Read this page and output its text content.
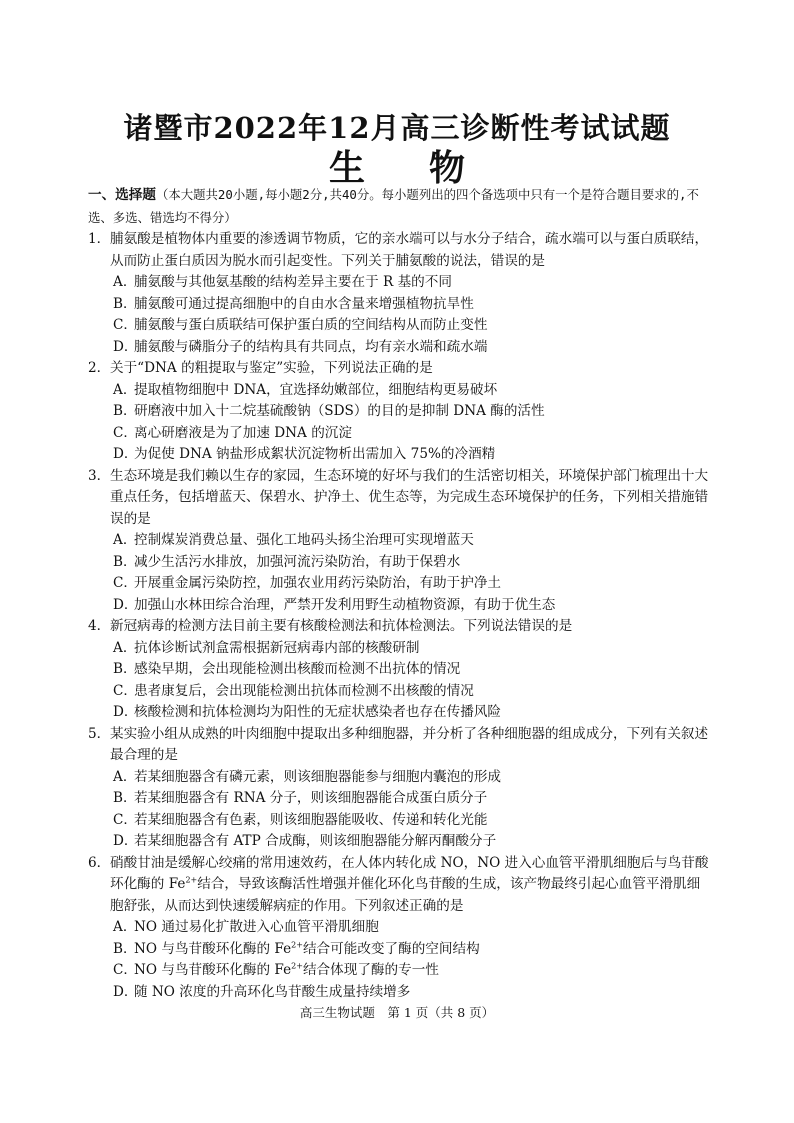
诸暨市2022年12月高三诊断性考试试题
生物
一、选择题（本大题共20小题,每小题2分,共40分。每小题列出的四个备选项中只有一个是符合题目要求的,不选、多选、错选均不得分）
1．脯氨酸是植物体内重要的渗透调节物质，它的亲水端可以与水分子结合，疏水端可以与蛋白质联结，从而防止蛋白质因为脱水而引起变性。下列关于脯氨酸的说法，错误的是
A．脯氨酸与其他氨基酸的结构差异主要在于 R 基的不同
B．脯氨酸可通过提高细胞中的自由水含量来增强植物抗旱性
C．脯氨酸与蛋白质联结可保护蛋白质的空间结构从而防止变性
D．脯氨酸与磷脂分子的结构具有共同点，均有亲水端和疏水端
2．关于“DNA 的粗提取与鉴定”实验，下列说法正确的是
A．提取植物细胞中 DNA，宜选择幼嫩部位，细胞结构更易破坏
B．研磨液中加入十二烷基硫酸钠（SDS）的目的是抑制 DNA 酶的活性
C．离心研磨液是为了加速 DNA 的沉淀
D．为促使 DNA 钠盐形成絮状沉淀物析出需加入 75%的冷酒精
3．生态环境是我们赖以生存的家园，生态环境的好坏与我们的生活密切相关，环境保护部门梳理出十大重点任务，包括增蓝天、保碧水、护净土、优生态等，为完成生态环境保护的任务，下列相关措施错误的是
A．控制煤炭消费总量、强化工地码头扬尘治理可实现增蓝天
B．减少生活污水排放，加强河流污染防治，有助于保碧水
C．开展重金属污染防控，加强农业用药污染防治，有助于护净土
D．加强山水林田综合治理，严禁开发利用野生动植物资源，有助于优生态
4．新冠病毒的检测方法目前主要有核酸检测法和抗体检测法。下列说法错误的是
A．抗体诊断试剂盒需根据新冠病毒内部的核酸研制
B．感染早期，会出现能检测出核酸而检测不出抗体的情况
C．患者康复后，会出现能检测出抗体而检测不出核酸的情况
D．核酸检测和抗体检测均为阳性的无症状感染者也存在传播风险
5．某实验小组从成熟的叶肉细胞中提取出多种细胞器，并分析了各种细胞器的组成成分，下列有关叙述最合理的是
A．若某细胞器含有磷元素，则该细胞器能参与细胞内囊泡的形成
B．若某细胞器含有 RNA 分子，则该细胞器能合成蛋白质分子
C．若某细胞器含有色素，则该细胞器能吸收、传递和转化光能
D．若某细胞器含有 ATP 合成酶，则该细胞器能分解丙酮酸分子
6．硝酸甘油是缓解心绞痛的常用速效药，在人体内转化成 NO，NO 进入心血管平滑肌细胞后与鸟苷酸环化酶的 $Fe^{2+}$结合，导致该酶活性增强并催化环化鸟苷酸的生成，该产物最终引起心血管平滑肌细胞舒张，从而达到快速缓解病症的作用。下列叙述正确的是
A．NO 通过易化扩散进入心血管平滑肌细胞
B．NO 与鸟苷酸环化酶的 $Fe^{2+}$结合可能改变了酶的空间结构
C．NO 与鸟苷酸环化酶的 $Fe^{2+}$结合体现了酶的专一性
D．随 NO 浓度的升高环化鸟苷酸生成量持续增多
高三生物试题　第 1 页（共 8 页）
